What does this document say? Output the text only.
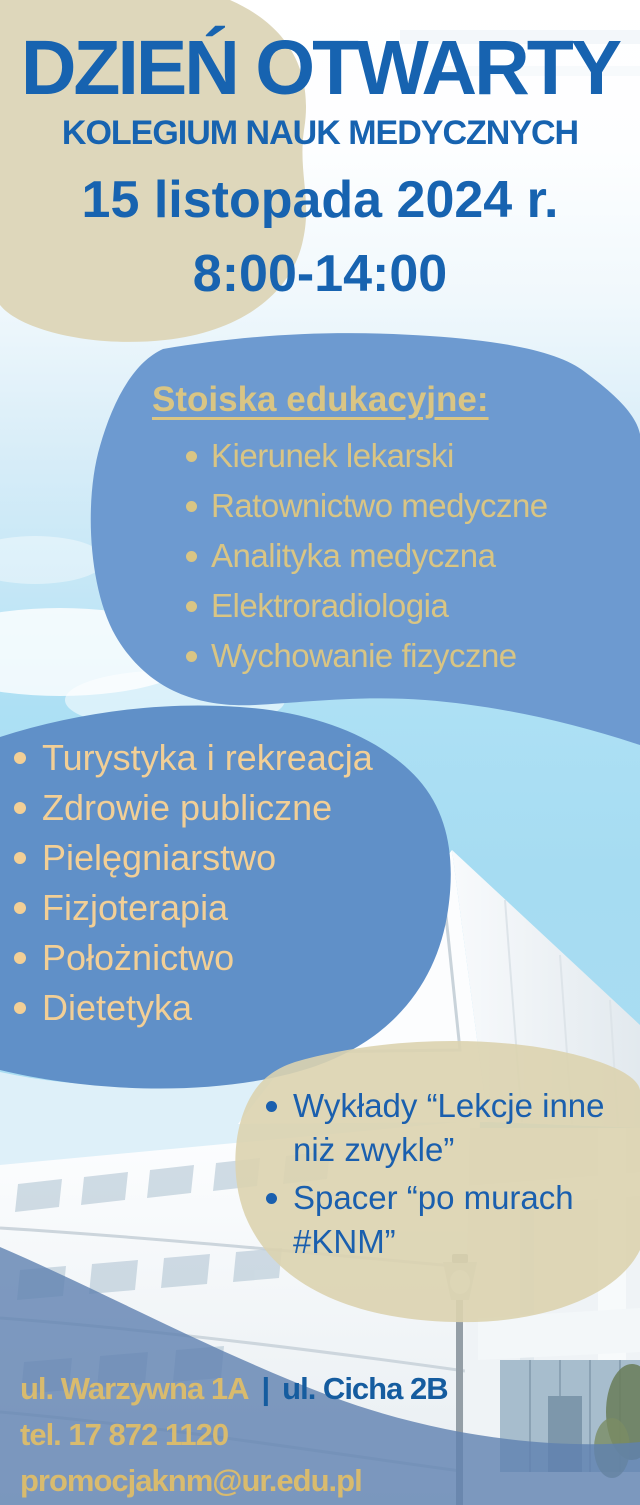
DZIEŃ OTWARTY
KOLEGIUM NAUK MEDYCZNYCH
15 listopada 2024 r.
8:00-14:00
Stoiska edukacyjne:
Kierunek lekarski
Ratownictwo medyczne
Analityka medyczna
Elektroradiologia
Wychowanie fizyczne
Turystyka i rekreacja
Zdrowie publiczne
Pielęgniarstwo
Fizjoterapia
Położnictwo
Dietetyka
Wykłady “Lekcje inne niż zwykle”
Spacer “po murach #KNM”
ul. Warzywna 1A | ul. Cicha 2B
tel. 17 872 1120
promocjaknm@ur.edu.pl
